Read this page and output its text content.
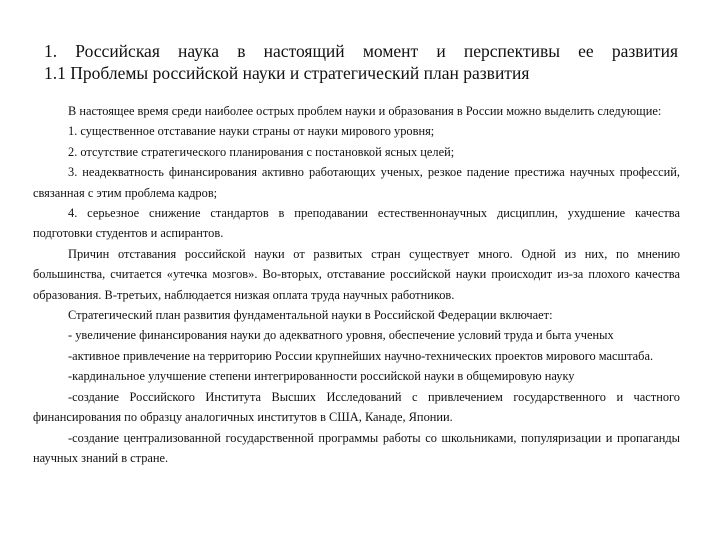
1. Российская наука в настоящий момент и перспективы ее развития
1.1 Проблемы российской науки и стратегический план развития

В настоящее время среди наиболее острых проблем науки и образования в России можно выделить следующие:

1. существенное отставание науки страны от науки мирового уровня;

2. отсутствие стратегического планирования с постановкой ясных целей;

3. неадекватность финансирования активно работающих ученых, резкое падение престижа научных профессий, связанная с этим проблема кадров;

4. серьезное снижение стандартов в преподавании естественнонаучных дисциплин, ухудшение качества подготовки студентов и аспирантов.

Причин отставания российской науки от развитых стран существует много. Одной из них, по мнению большинства, считается «утечка мозгов». Во-вторых, отставание российской науки происходит из-за плохого качества образования. В-третьих, наблюдается низкая оплата труда научных работников.

Стратегический план развития фундаментальной науки в Российской Федерации включает:

- увеличение финансирования науки до адекватного уровня, обеспечение условий труда и быта ученых

-активное привлечение на территорию России крупнейших научно-технических проектов мирового масштаба.

-кардинальное улучшение степени интегрированности российской науки в общемировую науку

-создание Российского Института Высших Исследований с привлечением государственного и частного финансирования по образцу аналогичных институтов в США, Канаде, Японии.

-создание централизованной государственной программы работы со школьниками, популяризации и пропаганды научных знаний в стране.
